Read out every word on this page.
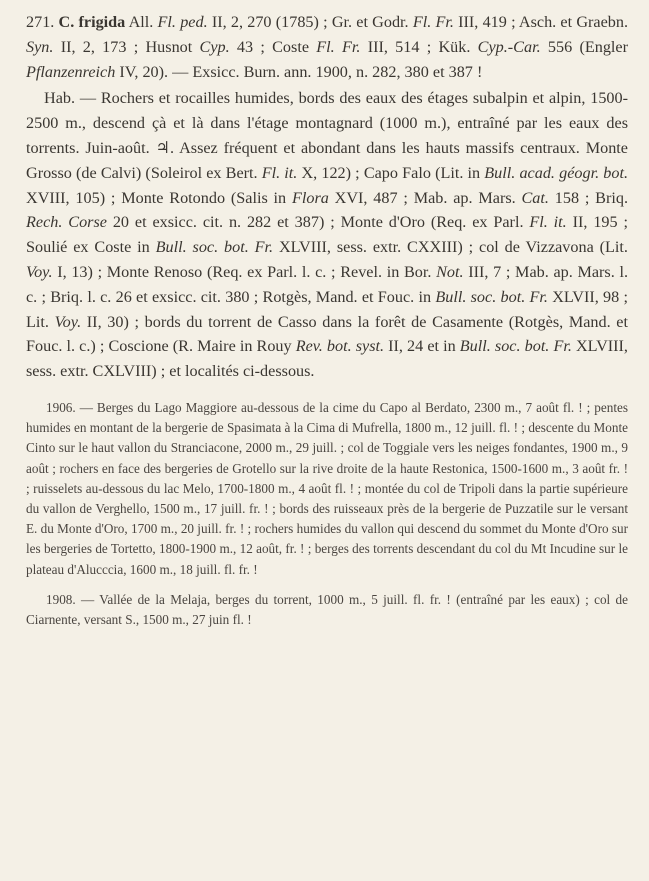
271. C. frigida All. Fl. ped. II, 2, 270 (1785) ; Gr. et Godr. Fl. Fr. III, 419 ; Asch. et Graebn. Syn. II, 2, 173 ; Husnot Cyp. 43 ; Coste Fl. Fr. III, 514 ; Kük. Cyp.-Car. 556 (Engler Pflanzenreich IV, 20). — Exsicc. Burn. ann. 1900, n. 282, 380 et 387 !

Hab. — Rochers et rocailles humides, bords des eaux des étages subalpin et alpin, 1500-2500 m., descend çà et là dans l'étage montagnard (1000 m.), entraîné par les eaux des torrents. Juin-août. ♃. Assez fréquent et abondant dans les hauts massifs centraux. Monte Grosso (de Calvi) (Soleirol ex Bert. Fl. it. X, 122) ; Capo Falo (Lit. in Bull. acad. géogr. bot. XVIII, 105) ; Monte Rotondo (Salis in Flora XVI, 487 ; Mab. ap. Mars. Cat. 158 ; Briq. Rech. Corse 20 et exsicc. cit. n. 282 et 387) ; Monte d'Oro (Req. ex Parl. Fl. it. II, 195 ; Soulié ex Coste in Bull. soc. bot. Fr. XLVIII, sess. extr. CXXIII) ; col de Vizzavona (Lit. Voy. I, 13) ; Monte Renoso (Req. ex Parl. l. c. ; Revel. in Bor. Not. III, 7 ; Mab. ap. Mars. l. c. ; Briq. l. c. 26 et exsicc. cit. 380 ; Rotgès, Mand. et Fouc. in Bull. soc. bot. Fr. XLVII, 98 ; Lit. Voy. II, 30) ; bords du torrent de Casso dans la forêt de Casamente (Rotgès, Mand. et Fouc. l. c.) ; Coscione (R. Maire in Rouy Rev. bot. syst. II, 24 et in Bull. soc. bot. Fr. XLVIII, sess. extr. CXLVIII) ; et localités ci-dessous.

1906. — Berges du Lago Maggiore au-dessous de la cime du Capo al Berdato, 2300 m., 7 août fl. ! ; pentes humides en montant de la bergerie de Spasimata à la Cima di Mufrella, 1800 m., 12 juill. fl. ! ; descente du Monte Cinto sur le haut vallon du Stranciacone, 2000 m., 29 juill. ; col de Toggiale vers les neiges fondantes, 1900 m., 9 août ; rochers en face des bergeries de Grotello sur la rive droite de la haute Restonica, 1500-1600 m., 3 août fr. ! ; ruisselets au-dessous du lac Melo, 1700-1800 m., 4 août fl. ! ; montée du col de Tripoli dans la partie supérieure du vallon de Verghello, 1500 m., 17 juill. fr. ! ; bords des ruisseaux près de la bergerie de Puzzatile sur le versant E. du Monte d'Oro, 1700 m., 20 juill. fr. ! ; rochers humides du vallon qui descend du sommet du Monte d'Oro sur les bergeries de Tortetto, 1800-1900 m., 12 août, fr. ! ; berges des torrents descendant du col du Mt Incudine sur le plateau d'Alucccia, 1600 m., 18 juill. fl. fr. !

1908. — Vallée de la Melaja, berges du torrent, 1000 m., 5 juill. fl. fr. ! (entraîné par les eaux) ; col de Ciarnente, versant S., 1500 m., 27 juin fl. !
